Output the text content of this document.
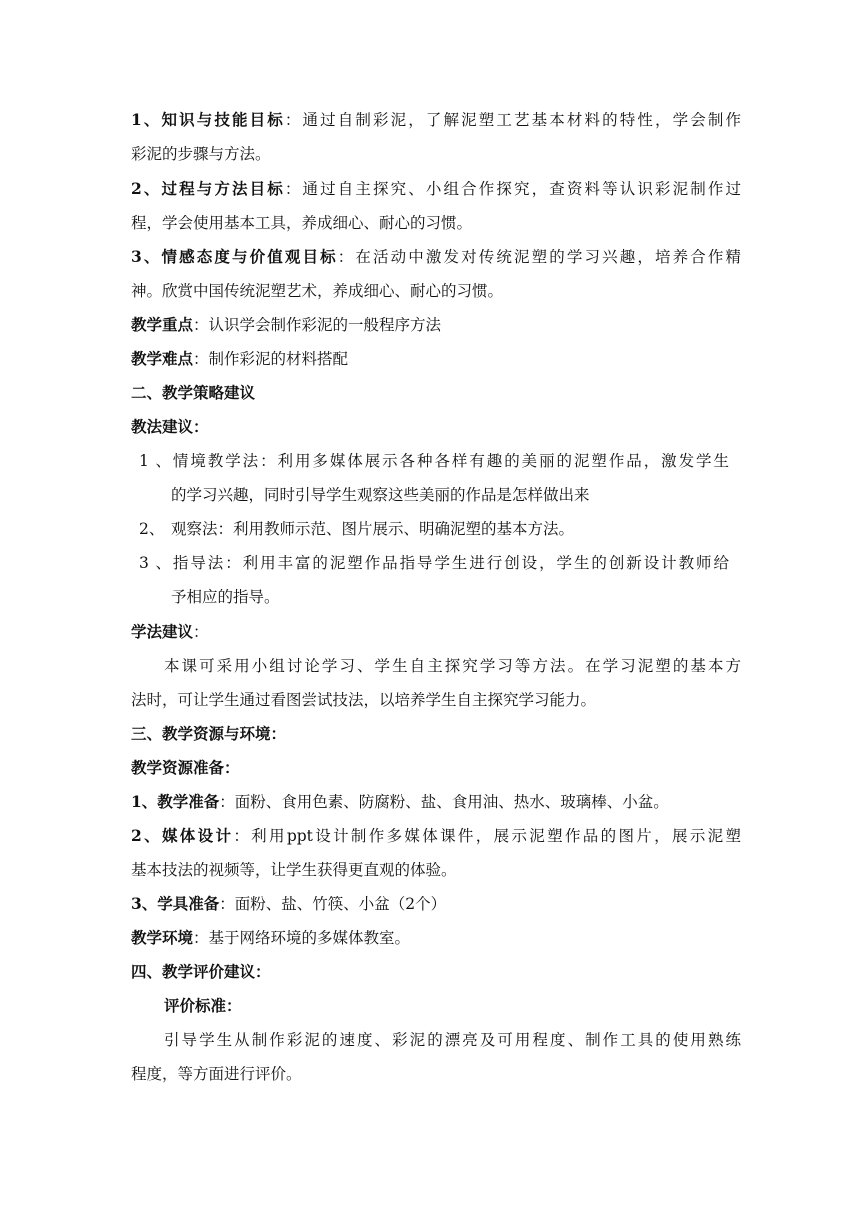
1、知识与技能目标：通过自制彩泥，了解泥塑工艺基本材料的特性，学会制作
彩泥的步骤与方法。
2、过程与方法目标：通过自主探究、小组合作探究，查资料等认识彩泥制作过
程，学会使用基本工具，养成细心、耐心的习惯。
3、情感态度与价值观目标：在活动中激发对传统泥塑的学习兴趣，培养合作精
神。欣赏中国传统泥塑艺术，养成细心、耐心的习惯。
教学重点：认识学会制作彩泥的一般程序方法
教学难点：制作彩泥的材料搭配
二、教学策略建议
教法建议：
1、情境教学法：利用多媒体展示各种各样有趣的美丽的泥塑作品，激发学生
的学习兴趣，同时引导学生观察这些美丽的作品是怎样做出来
2、 观察法：利用教师示范、图片展示、明确泥塑的基本方法。
3、指导法：利用丰富的泥塑作品指导学生进行创设，学生的创新设计教师给
予相应的指导。
学法建议：
本课可采用小组讨论学习、学生自主探究学习等方法。在学习泥塑的基本方
法时，可让学生通过看图尝试技法，以培养学生自主探究学习能力。
三、教学资源与环境：
教学资源准备：
1、教学准备：面粉、食用色素、防腐粉、盐、食用油、热水、玻璃棒、小盆。
2、媒体设计：利用ppt设计制作多媒体课件，展示泥塑作品的图片，展示泥塑
基本技法的视频等，让学生获得更直观的体验。
3、学具准备：面粉、盐、竹筷、小盆（2个）
教学环境：基于网络环境的多媒体教室。
四、教学评价建议：
评价标准：
引导学生从制作彩泥的速度、彩泥的漂亮及可用程度、制作工具的使用熟练
程度，等方面进行评价。
